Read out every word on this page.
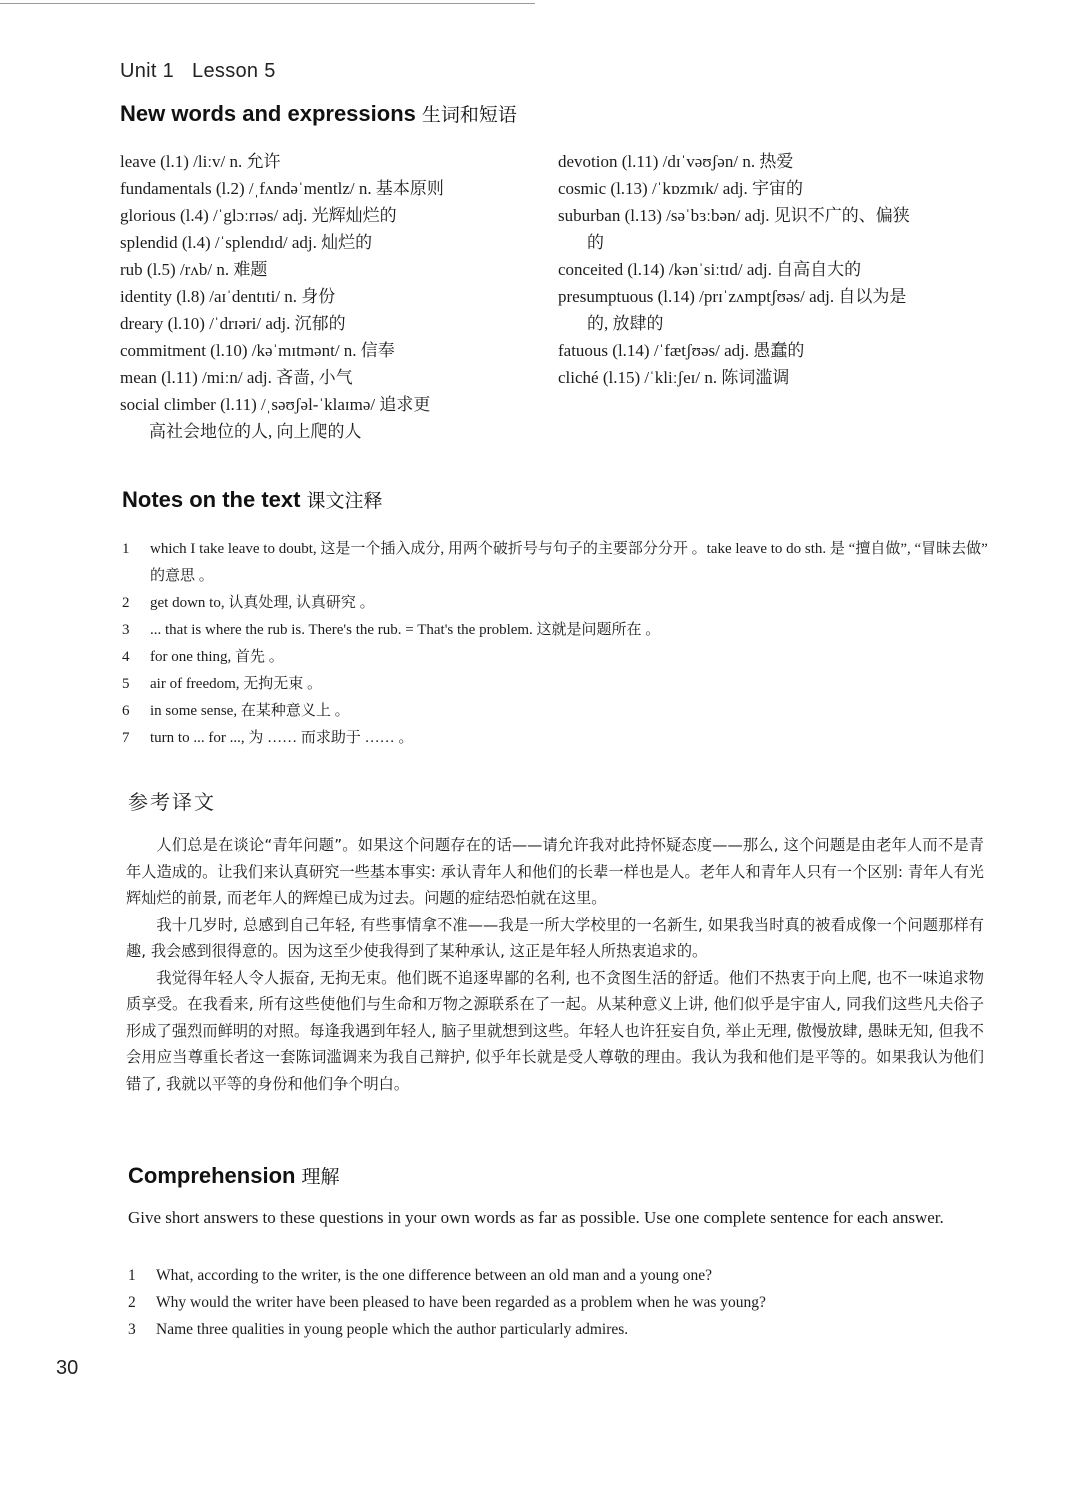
Unit 1 Lesson 5
New words and expressions 生词和短语
leave (l.1) /liːv/ n. 允许
fundamentals (l.2) /ˌfʌndəˈmentlz/ n. 基本原则
glorious (l.4) /ˈglɔːrɪəs/ adj. 光辉灿烂的
splendid (l.4) /ˈsplendɪd/ adj. 灿烂的
rub (l.5) /rʌb/ n. 难题
identity (l.8) /aɪˈdentɪti/ n. 身份
dreary (l.10) /ˈdrɪəri/ adj. 沉郁的
commitment (l.10) /kəˈmɪtmənt/ n. 信奉
mean (l.11) /miːn/ adj. 吝啬, 小气
social climber (l.11) /ˌsəʊʃəl-ˈklaɪmə/ 追求更
高社会地位的人, 向上爬的人
devotion (l.11) /dɪˈvəʊʃən/ n. 热爱
cosmic (l.13) /ˈkɒzmɪk/ adj. 宇宙的
suburban (l.13) /səˈbɜːbən/ adj. 见识不广的、偏狭
的
conceited (l.14) /kənˈsiːtɪd/ adj. 自高自大的
presumptuous (l.14) /prɪˈzʌmptʃʊəs/ adj. 自以为是
的, 放肆的
fatuous (l.14) /ˈfætʃʊəs/ adj. 愚蠢的
cliché (l.15) /ˈkliːʃeɪ/ n. 陈词滥调
Notes on the text 课文注释
1 which I take leave to doubt, 这是一个插入成分, 用两个破折号与句子的主要部分分开 。take leave to do sth. 是 “擅自做”, “冒昧去做” 的意思 。
2 get down to, 认真处理, 认真研究 。
3 ... that is where the rub is. There's the rub. = That's the problem. 这就是问题所在 。
4 for one thing, 首先 。
5 air of freedom, 无拘无束 。
6 in some sense, 在某种意义上 。
7 turn to ... for ..., 为 …… 而求助于 …… 。
参考译文

人们总是在谈论“青年问题”。如果这个问题存在的话——请允许我对此持怀疑态度——那么, 这个问题是由老年人而不是青年人造成的。让我们来认真研究一些基本事实: 承认青年人和他们的长辈一样也是人。老年人和青年人只有一个区别: 青年人有光辉灿烂的前景, 而老年人的辉煌已成为过去。问题的症结恐怕就在这里。

我十几岁时, 总感到自己年轻, 有些事情拿不准——我是一所大学校里的一名新生, 如果我当时真的被看成像一个问题那样有趣, 我会感到很得意的。因为这至少使我得到了某种承认, 这正是年轻人所热衷追求的。

我觉得年轻人令人振奋, 无拘无束。他们既不追逐卑鄙的名利, 也不贪图生活的舒适。他们不热衷于向上爬, 也不一味追求物质享受。在我看来, 所有这些使他们与生命和万物之源联系在了一起。从某种意义上讲, 他们似乎是宇宙人, 同我们这些凡夫俗子形成了强烈而鲜明的对照。每逢我遇到年轻人, 脑子里就想到这些。年轻人也许狂妄自负, 举止无理, 傲慢放肆, 愚昧无知, 但我不会用应当尊重长者这一套陈词滥调来为我自己辩护, 似乎年长就是受人尊敬的理由。我认为我和他们是平等的。如果我认为他们错了, 我就以平等的身份和他们争个明白。

Comprehension 理解
Give short answers to these questions in your own words as far as possible. Use one complete sentence for each answer.
1 What, according to the writer, is the one difference between an old man and a young one?
2 Why would the writer have been pleased to have been regarded as a problem when he was young?
3 Name three qualities in young people which the author particularly admires.
30
